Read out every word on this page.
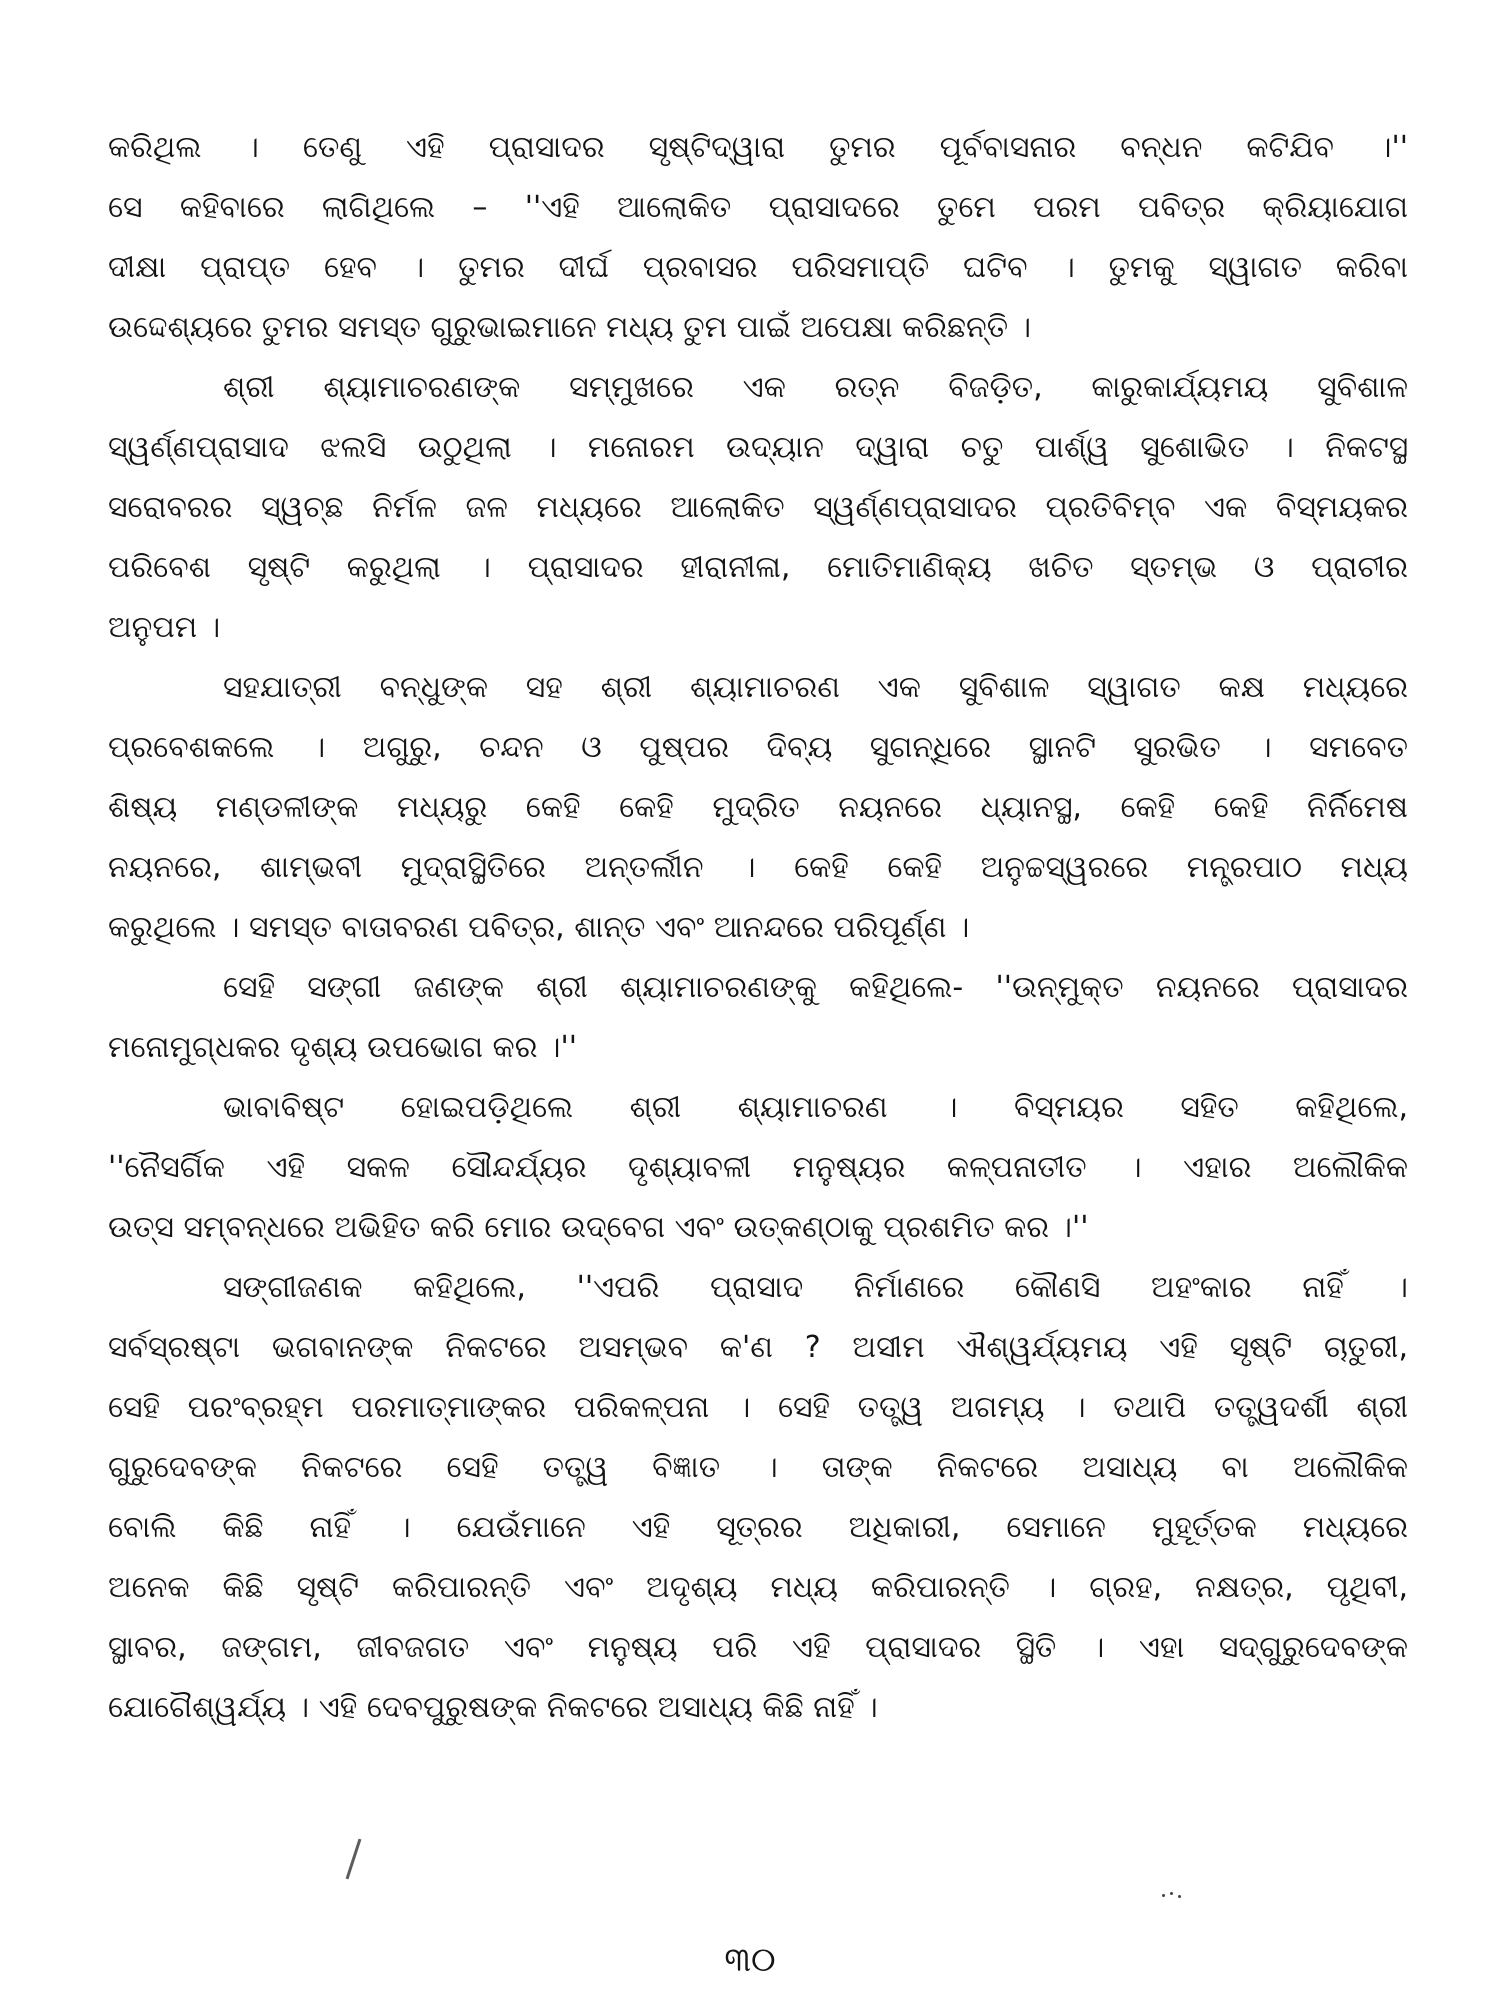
କରିଥିଲ । ତେଣୁ ଏହି ପ୍ରାସାଦର ସୃଷ୍ଟିଦ୍ୱାରା ତୁମର ପୂର୍ବବାସନାର ବନ୍ଧନ କଟିଯିବ ।''
ସେ କହିବାରେ ଲାଗିଥିଲେ – ''ଏହି ଆଲୋକିତ ପ୍ରାସାଦରେ ତୁମେ ପରମ ପବିତ୍ର କ୍ରିୟାଯୋଗ
ଦୀକ୍ଷା ପ୍ରାପ୍ତ ହେବ । ତୁମର ଦୀର୍ଘ ପ୍ରବାସର ପରିସମାପ୍ତି ଘଟିବ । ତୁମକୁ ସ୍ୱାଗତ କରିବା
ଉଦ୍ଦେଶ୍ୟରେ ତୁମର ସମସ୍ତ ଗୁରୁଭାଇମାନେ ମଧ୍ୟ ତୁମ ପାଇଁ ଅପେକ୍ଷା କରିଛନ୍ତି ।
ଶ୍ରୀ ଶ୍ୟାମାଚରଣଙ୍କ ସମ୍ମୁଖରେ ଏକ ରତ୍ନ ବିଜଡ଼ିତ, କାରୁକାର୍ଯ୍ୟମୟ ସୁବିଶାଳ
ସ୍ୱର୍ଣ୍ଣପ୍ରାସାଦ ଝଲସି ଉଠୁଥିଲା । ମନୋରମ ଉଦ୍ୟାନ ଦ୍ୱାରା ଚତୁ ପାର୍ଶ୍ୱ ସୁଶୋଭିତ । ନିକଟସ୍ଥ
ସରୋବରର ସ୍ୱଚ୍ଛ ନିର୍ମଳ ଜଳ ମଧ୍ୟରେ ଆଲୋକିତ ସ୍ୱର୍ଣ୍ଣପ୍ରାସାଦର ପ୍ରତିବିମ୍ବ ଏକ ବିସ୍ମୟକର
ପରିବେଶ ସୃଷ୍ଟି କରୁଥିଲା । ପ୍ରାସାଦର ହୀରାନୀଳା, ମୋତିମାଣିକ୍ୟ ଖଚିତ ସ୍ତମ୍ଭ ଓ ପ୍ରାଚୀର
ଅନୁପମ ।
ସହଯାତ୍ରୀ ବନ୍ଧୁଙ୍କ ସହ ଶ୍ରୀ ଶ୍ୟାମାଚରଣ ଏକ ସୁବିଶାଳ ସ୍ୱାଗତ କକ୍ଷ ମଧ୍ୟରେ
ପ୍ରବେଶକଲେ । ଅଗୁରୁ, ଚନ୍ଦନ ଓ ପୁଷ୍ପର ଦିବ୍ୟ ସୁଗନ୍ଧିରେ ସ୍ଥାନଟି ସୁରଭିତ । ସମବେତ
ଶିଷ୍ୟ ମଣ୍ଡଳୀଙ୍କ ମଧ୍ୟରୁ କେହି କେହି ମୁଦ୍ରିତ ନୟନରେ ଧ୍ୟାନସ୍ଥ, କେହି କେହି ନିର୍ନିମେଷ
ନୟନରେ, ଶାମ୍ଭବୀ ମୁଦ୍ରାସ୍ଥିତିରେ ଅନ୍ତର୍ଲୀନ । କେହି କେହି ଅନୁଚ୍ଚସ୍ୱରରେ ମନ୍ତ୍ରପାଠ ମଧ୍ୟ
କରୁଥିଲେ । ସମସ୍ତ ବାତାବରଣ ପବିତ୍ର, ଶାନ୍ତ ଏବଂ ଆନନ୍ଦରେ ପରିପୂର୍ଣ୍ଣ ।
ସେହି ସଙ୍ଗୀ ଜଣଙ୍କ ଶ୍ରୀ ଶ୍ୟାମାଚରଣଙ୍କୁ କହିଥିଲେ- ''ଉନ୍ମୁକ୍ତ ନୟନରେ ପ୍ରାସାଦର
ମନୋମୁଗ୍ଧକର ଦୃଶ୍ୟ ଉପଭୋଗ କର ।''
ଭାବାବିଷ୍ଟ ହୋଇପଡ଼ିଥିଲେ ଶ୍ରୀ ଶ୍ୟାମାଚରଣ । ବିସ୍ମୟର ସହିତ କହିଥିଲେ,
''ନୈସର୍ଗିକ ଏହି ସକଳ ସୌନ୍ଦର୍ଯ୍ୟର ଦୃଶ୍ୟାବଳୀ ମନୁଷ୍ୟର କଳ୍ପନାତୀତ । ଏହାର ଅଲୌକିକ
ଉତ୍ସ ସମ୍ବନ୍ଧରେ ଅଭିହିତ କରି ମୋର ଉଦ୍‌ବେଗ ଏବଂ ଉତ୍କଣ୍ଠାକୁ ପ୍ରଶମିତ କର ।''
ସଙ୍ଗୀଜଣକ କହିଥିଲେ, ''ଏପରି ପ୍ରାସାଦ ନିର୍ମାଣରେ କୌଣସି ଅହଂକାର ନାହିଁ ।
ସର୍ବସ୍ରଷ୍ଟା ଭଗବାନଙ୍କ ନିକଟରେ ଅସମ୍ଭବ କ'ଣ ? ଅସୀମ ଐଶ୍ୱର୍ଯ୍ୟମୟ ଏହି ସୃଷ୍ଟି ଚାତୁରୀ,
ସେହି ପରଂବ୍ରହ୍ମ ପରମାତ୍ମାଙ୍କର ପରିକଳ୍ପନା । ସେହି ତତ୍ତ୍ୱ ଅଗମ୍ୟ । ତଥାପି ତତ୍ତ୍ୱଦର୍ଶୀ ଶ୍ରୀ
ଗୁରୁଦେବଙ୍କ ନିକଟରେ ସେହି ତତ୍ତ୍ୱ ବିଜ୍ଞାତ । ତାଙ୍କ ନିକଟରେ ଅସାଧ୍ୟ ବା ଅଲୌକିକ
ବୋଲି କିଛି ନାହିଁ । ଯେଉଁମାନେ ଏହି ସୂତ୍ରର ଅଧିକାରୀ, ସେମାନେ ମୁହୂର୍ତ୍ତକ ମଧ୍ୟରେ
ଅନେକ କିଛି ସୃଷ୍ଟି କରିପାରନ୍ତି ଏବଂ ଅଦୃଶ୍ୟ ମଧ୍ୟ କରିପାରନ୍ତି । ଗ୍ରହ, ନକ୍ଷତ୍ର, ପୃଥିବୀ,
ସ୍ଥାବର, ଜଙ୍ଗମ, ଜୀବଜଗତ ଏବଂ ମନୁଷ୍ୟ ପରି ଏହି ପ୍ରାସାଦର ସ୍ଥିତି । ଏହା ସଦ୍‌ଗୁରୁଦେବଙ୍କ
ଯୋଗୈଶ୍ୱର୍ଯ୍ୟ । ଏହି ଦେବପୁରୁଷଙ୍କ ନିକଟରେ ଅସାଧ୍ୟ କିଛି ନାହିଁ ।
୩୦
